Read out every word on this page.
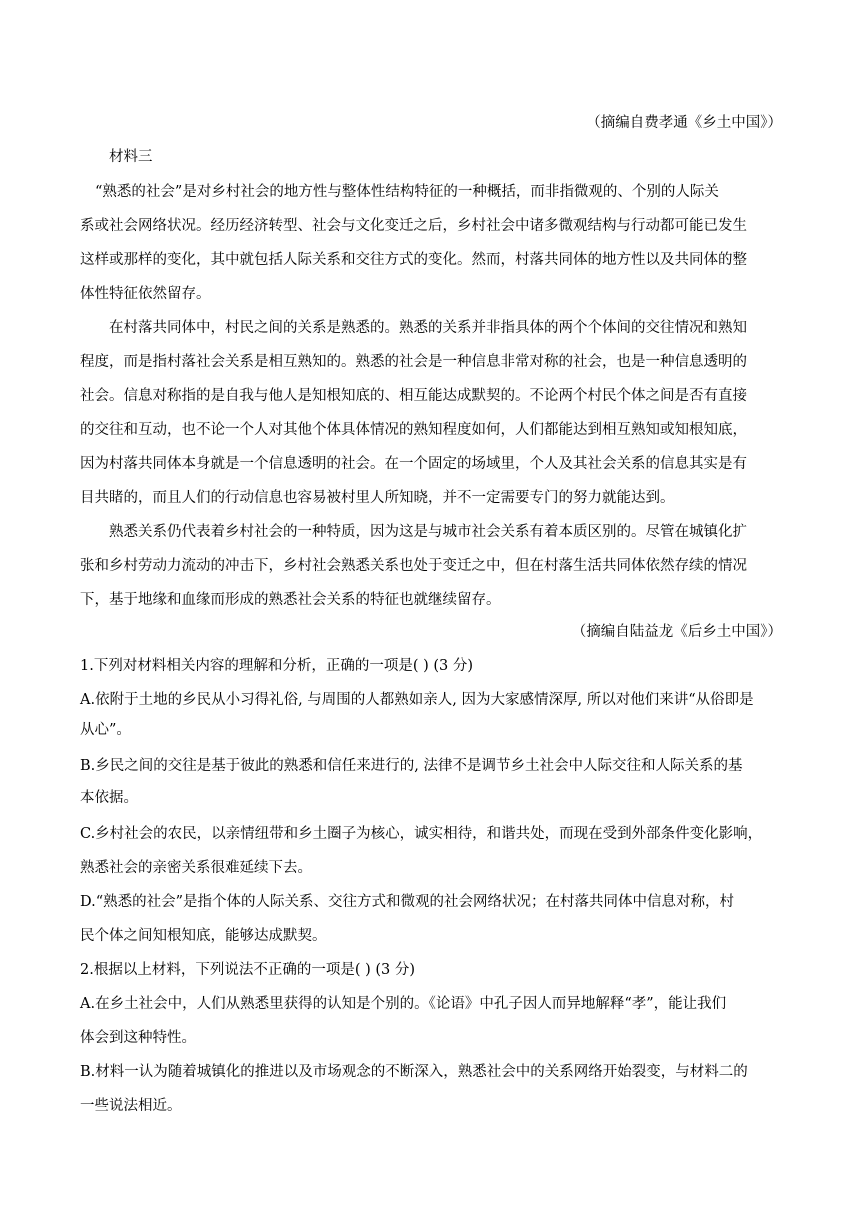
（摘编自费孝通《乡土中国》）
材料三
“熟悉的社会”是对乡村社会的地方性与整体性结构特征的一种概括，而非指微观的、个别的人际关
系或社会网络状况。经历经济转型、社会与文化变迁之后，乡村社会中诸多微观结构与行动都可能已发生
这样或那样的变化，其中就包括人际关系和交往方式的变化。然而，村落共同体的地方性以及共同体的整
体性特征依然留存。
在村落共同体中，村民之间的关系是熟悉的。熟悉的关系并非指具体的两个个体间的交往情况和熟知
程度，而是指村落社会关系是相互熟知的。熟悉的社会是一种信息非常对称的社会，也是一种信息透明的
社会。信息对称指的是自我与他人是知根知底的、相互能达成默契的。不论两个村民个体之间是否有直接
的交往和互动，也不论一个人对其他个体具体情况的熟知程度如何，人们都能达到相互熟知或知根知底，
因为村落共同体本身就是一个信息透明的社会。在一个固定的场域里，个人及其社会关系的信息其实是有
目共睹的，而且人们的行动信息也容易被村里人所知晓，并不一定需要专门的努力就能达到。
熟悉关系仍代表着乡村社会的一种特质，因为这是与城市社会关系有着本质区别的。尽管在城镇化扩
张和乡村劳动力流动的冲击下，乡村社会熟悉关系也处于变迁之中，但在村落生活共同体依然存续的情况
下，基于地缘和血缘而形成的熟悉社会关系的特征也就继续留存。
（摘编自陆益龙《后乡土中国》）
1.下列对材料相关内容的理解和分析，正确的一项是( ) (3 分)
A.依附于土地的乡民从小习得礼俗, 与周围的人都熟如亲人, 因为大家感情深厚, 所以对他们来讲“从俗即是
从心”。
B.乡民之间的交往是基于彼此的熟悉和信任来进行的, 法律不是调节乡土社会中人际交往和人际关系的基
本依据。
C.乡村社会的农民，以亲情纽带和乡土圈子为核心，诚实相待，和谐共处，而现在受到外部条件变化影响，
熟悉社会的亲密关系很难延续下去。
D.“熟悉的社会”是指个体的人际关系、交往方式和微观的社会网络状况；在村落共同体中信息对称，村
民个体之间知根知底，能够达成默契。
2.根据以上材料，下列说法不正确的一项是( ) (3 分)
A.在乡土社会中，人们从熟悉里获得的认知是个别的。《论语》中孔子因人而异地解释“孝”，能让我们
体会到这种特性。
B.材料一认为随着城镇化的推进以及市场观念的不断深入，熟悉社会中的关系网络开始裂变，与材料二的
一些说法相近。
